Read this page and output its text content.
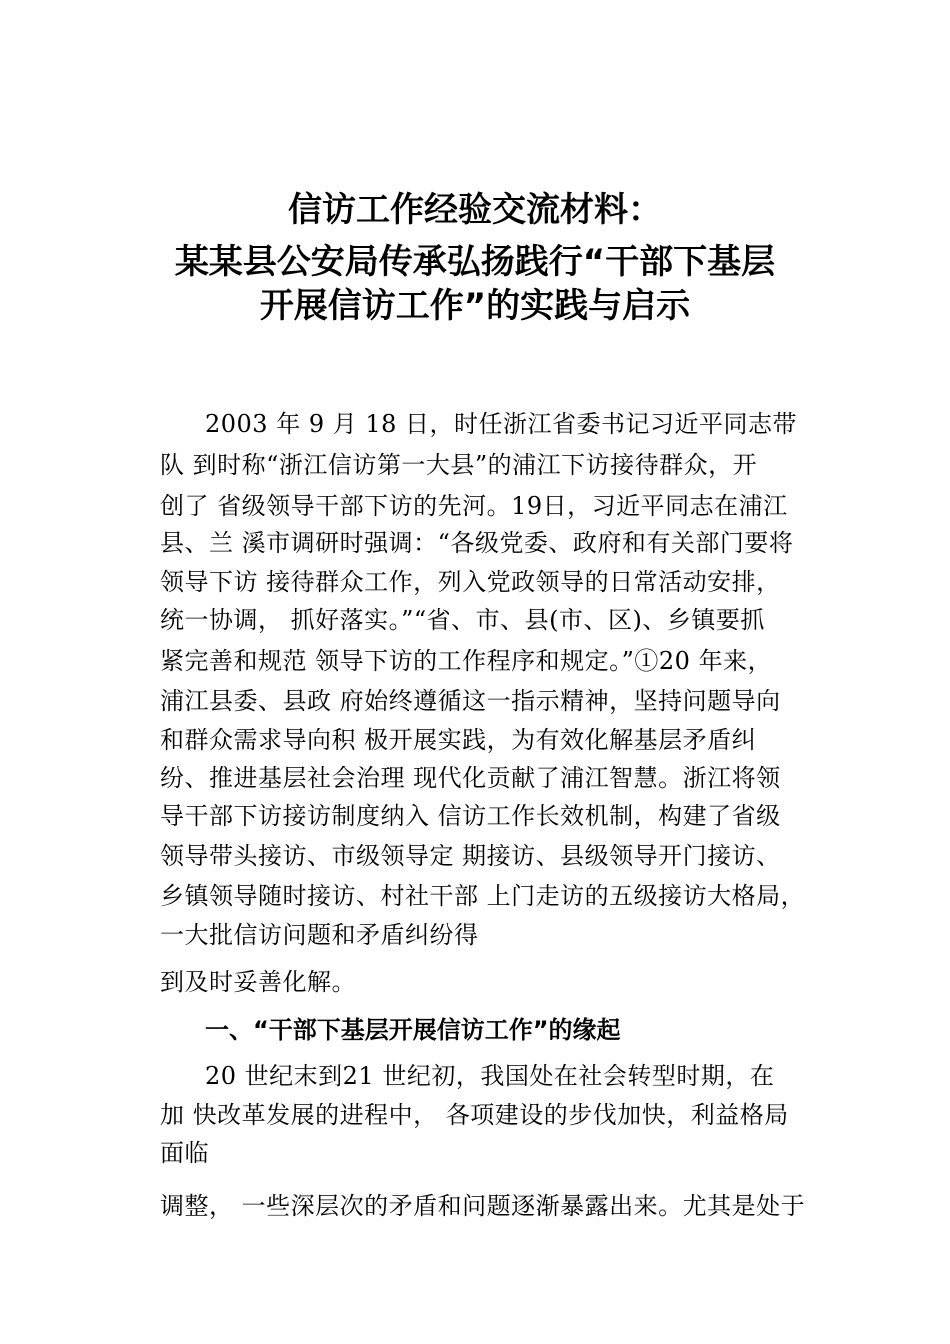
信访工作经验交流材料：
某某县公安局传承弘扬践行“干部下基层
开展信访工作”的实践与启示
2003 年 9 月 18 日，时任浙江省委书记习近平同志带
队 到时称“浙江信访第一大县”的浦江下访接待群众，开
创了 省级领导干部下访的先河。19日，习近平同志在浦江
县、兰 溪市调研时强调：“各级党委、政府和有关部门要将
领导下访 接待群众工作，列入党政领导的日常活动安排，
统一协调， 抓好落实。”“省、市、县(市、区)、乡镇要抓
紧完善和规范 领导下访的工作程序和规定。”①20 年来，
浦江县委、县政 府始终遵循这一指示精神，坚持问题导向
和群众需求导向积 极开展实践，为有效化解基层矛盾纠
纷、推进基层社会治理 现代化贡献了浦江智慧。浙江将领
导干部下访接访制度纳入 信访工作长效机制，构建了省级
领导带头接访、市级领导定 期接访、县级领导开门接访、
乡镇领导随时接访、村社干部 上门走访的五级接访大格局，
一大批信访问题和矛盾纠纷得
到及时妥善化解。
一、“干部下基层开展信访工作”的缘起
20 世纪末到21 世纪初，我国处在社会转型时期，在
加 快改革发展的进程中， 各项建设的步伐加快，利益格局
面临
调整， 一些深层次的矛盾和问题逐渐暴露出来。尤其是处于
